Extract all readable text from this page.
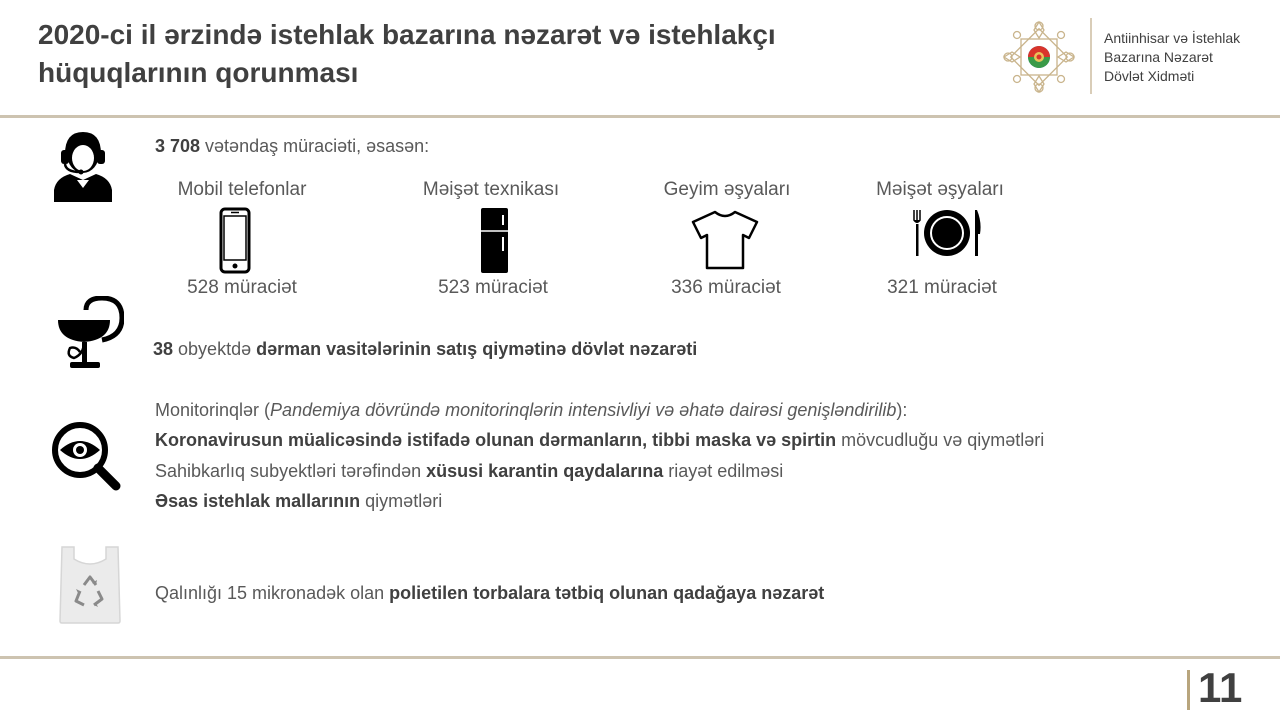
2020-ci il ərzində istehlak bazarına nəzarət və istehlakçı
hüquqlarının qorunması
Antiinhisar və İstehlak
Bazarına Nəzarət
Dövlət Xidməti
3 708 vətəndaş müraciəti, əsasən:
Mobil telefonlar
528 müraciət
Məişət texnikası
523 müraciət
Geyim əşyaları
336 müraciət
Məişət əşyaları
321 müraciət
38 obyektdə dərman vasitələrinin satış qiymətinə dövlət nəzarəti
Monitorinqlər (Pandemiya dövründə monitorinqlərin intensivliyi və əhatə dairəsi genişləndirilib):
Koronavirusun müalicəsində istifadə olunan dərmanların, tibbi maska və spirtin mövcudluğu və qiymətləri
Sahibkarlıq subyektləri tərəfindən xüsusi karantin qaydalarına riayət edilməsi
Əsas istehlak mallarının qiymətləri
Qalınlığı 15 mikronadək olan polietilen torbalara tətbiq olunan qadağaya nəzarət
11
